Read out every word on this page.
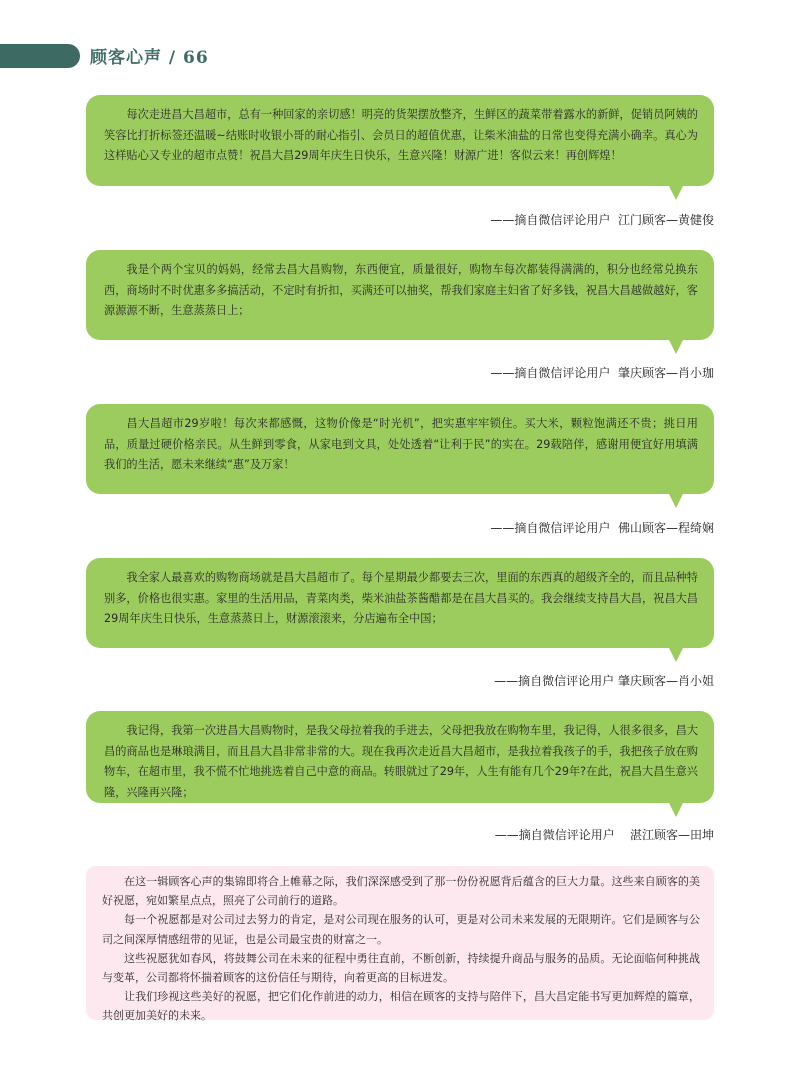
顾客心声 / 66
每次走进昌大昌超市，总有一种回家的亲切感！明亮的货架摆放整齐，生鲜区的蔬菜带着露水的新鲜，促销员阿姨的笑容比打折标签还温暖~结账时收银小哥的耐心指引、会员日的超值优惠，让柴米油盐的日常也变得充满小确幸。真心为这样贴心又专业的超市点赞！祝昌大昌29周年庆生日快乐，生意兴隆！财源广进！客似云来！再创辉煌！
——摘自微信评论用户  江门顾客—黄健俊
我是个两个宝贝的妈妈，经常去昌大昌购物，东西便宜，质量很好，购物车每次都装得满满的，积分也经常兑换东西，商场时不时优惠多多搞活动，不定时有折扣，买满还可以抽奖，帮我们家庭主妇省了好多钱，祝昌大昌越做越好，客源源源不断，生意蒸蒸日上；
——摘自微信评论用户  肇庆顾客—肖小珈
昌大昌超市29岁啦！每次来都感慨，这物价像是“时光机”，把实惠牢牢锁住。买大米，颗粒饱满还不贵；挑日用品，质量过硬价格亲民。从生鲜到零食，从家电到文具，处处透着“让利于民”的实在。29载陪伴，感谢用便宜好用填满我们的生活，愿未来继续“惠”及万家！
——摘自微信评论用户  佛山顾客—程绮娴
我全家人最喜欢的购物商场就是昌大昌超市了。每个星期最少都要去三次，里面的东西真的超级齐全的，而且品种特别多，价格也很实惠。家里的生活用品，青菜肉类，柴米油盐茶酱醋都是在昌大昌买的。我会继续支持昌大昌，祝昌大昌29周年庆生日快乐，生意蒸蒸日上，财源滚滚来，分店遍布全中国；
——摘自微信评论用户 肇庆顾客—肖小姐
我记得，我第一次进昌大昌购物时，是我父母拉着我的手进去，父母把我放在购物车里，我记得，人很多很多，昌大昌的商品也是琳琅满目，而且昌大昌非常非常的大。现在我再次走近昌大昌超市，是我拉着我孩子的手，我把孩子放在购物车，在超市里，我不慌不忙地挑选着自己中意的商品。转眼就过了29年，人生有能有几个29年?在此，祝昌大昌生意兴隆，兴隆再兴隆；
——摘自微信评论用户    湛江顾客—田坤

在这一辑顾客心声的集锦即将合上帷幕之际，我们深深感受到了那一份份祝愿背后蕴含的巨大力量。这些来自顾客的美好祝愿，宛如繁星点点，照亮了公司前行的道路。

每一个祝愿都是对公司过去努力的肯定，是对公司现在服务的认可，更是对公司未来发展的无限期许。它们是顾客与公司之间深厚情感纽带的见证，也是公司最宝贵的财富之一。

这些祝愿犹如春风，将鼓舞公司在未来的征程中勇往直前，不断创新，持续提升商品与服务的品质。无论面临何种挑战与变革，公司都将怀揣着顾客的这份信任与期待，向着更高的目标进发。

让我们珍视这些美好的祝愿，把它们化作前进的动力，相信在顾客的支持与陪伴下，昌大昌定能书写更加辉煌的篇章，共创更加美好的未来。
